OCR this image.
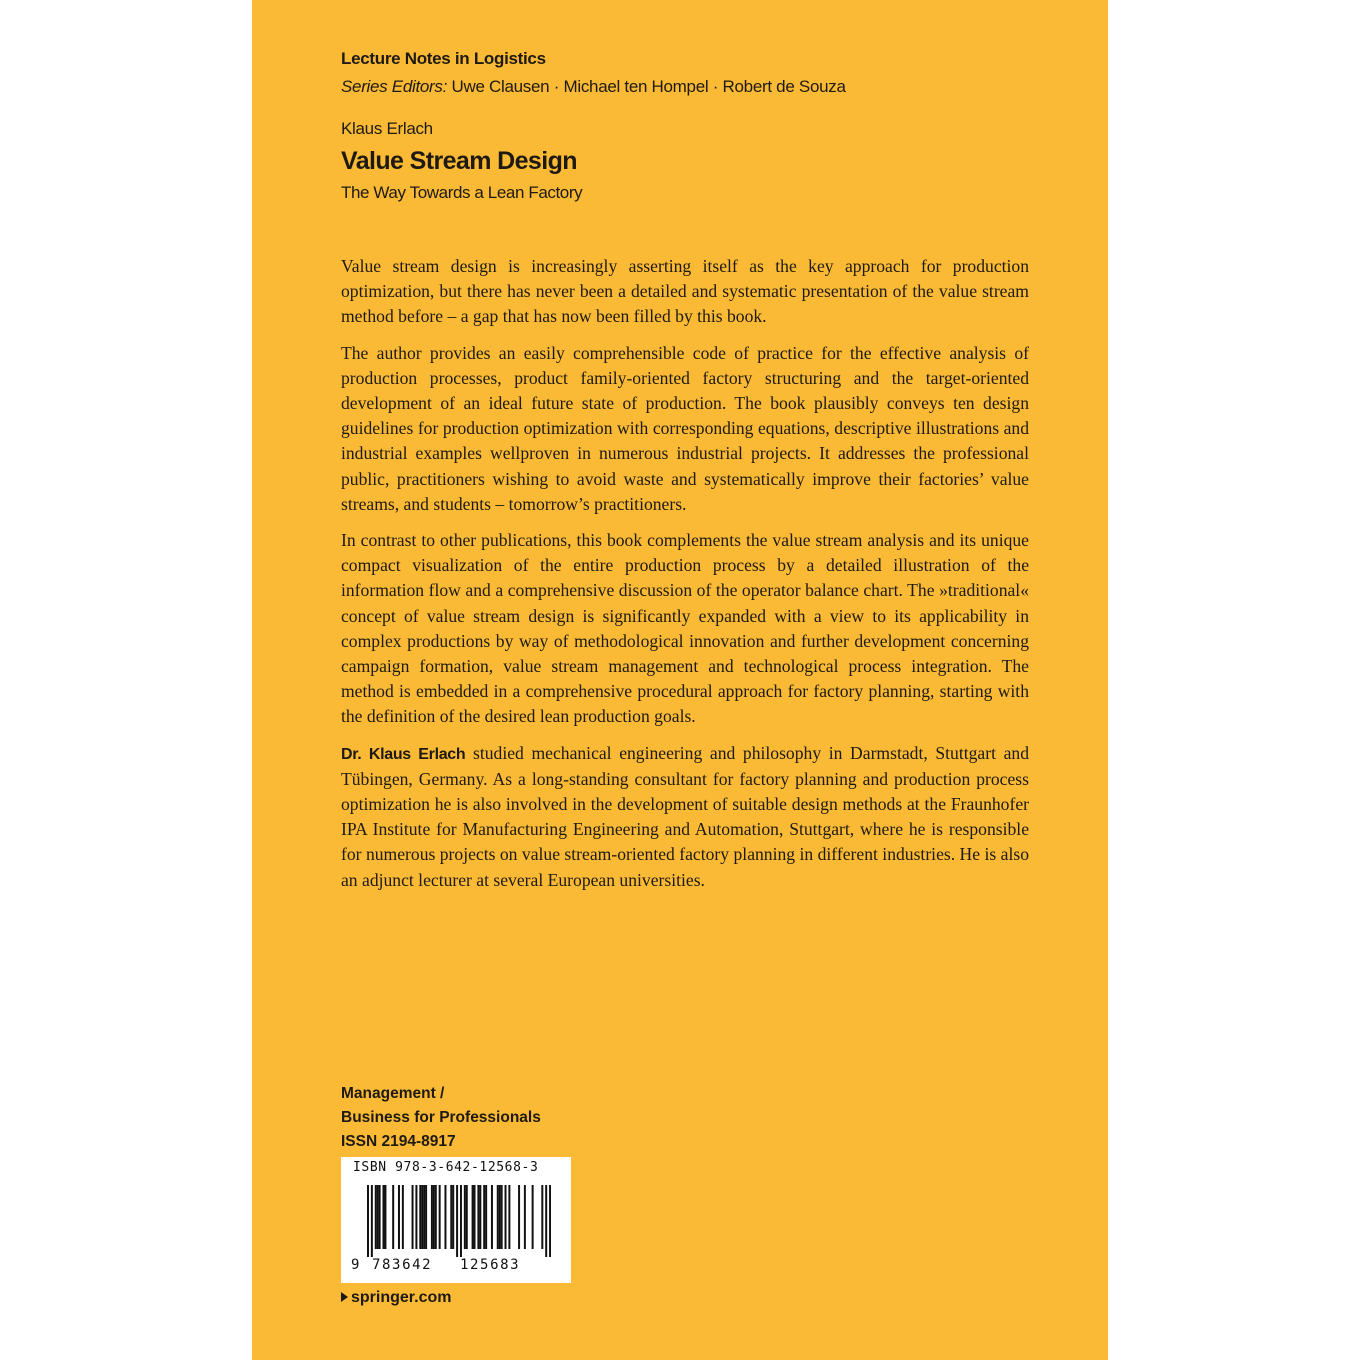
Lecture Notes in Logistics
Series Editors: Uwe Clausen · Michael ten Hompel · Robert de Souza
Klaus Erlach
Value Stream Design
The Way Towards a Lean Factory

Value stream design is increasingly asserting itself as the key approach for production optimization, but there has never been a detailed and systematic presentation of the value stream method before – a gap that has now been filled by this book.

The author provides an easily comprehensible code of practice for the effective analysis of production processes, product family-oriented factory structuring and the target-oriented development of an ideal future state of production. The book plausibly conveys ten design guidelines for production optimization with corresponding equations, descriptive illustrations and industrial examples wellproven in numerous industrial projects. It addresses the professional public, practitioners wishing to avoid waste and systematically improve their factories’ value streams, and students – tomorrow’s practitioners.

In contrast to other publications, this book complements the value stream analysis and its unique compact visualization of the entire production process by a detailed illustration of the information flow and a comprehensive discussion of the operator balance chart. The »traditional« concept of value stream design is significantly expanded with a view to its applicability in complex productions by way of methodological innovation and further development concerning campaign formation, value stream management and technological process integration. The method is embedded in a comprehensive procedural approach for factory planning, starting with the definition of the desired lean production goals.

Dr. Klaus Erlach studied mechanical engineering and philosophy in Darmstadt, Stuttgart and Tübingen, Germany. As a long-standing consultant for factory planning and production process optimization he is also involved in the development of suitable design methods at the Fraunhofer IPA Institute for Manufacturing Engineering and Automation, Stuttgart, where he is responsible for numerous projects on value stream-oriented factory planning in different industries. He is also an adjunct lecturer at several European universities.

Management /
Business for Professionals
ISSN 2194-8917
ISBN 978-3-642-12568-3
9 783642 125683
springer.com
